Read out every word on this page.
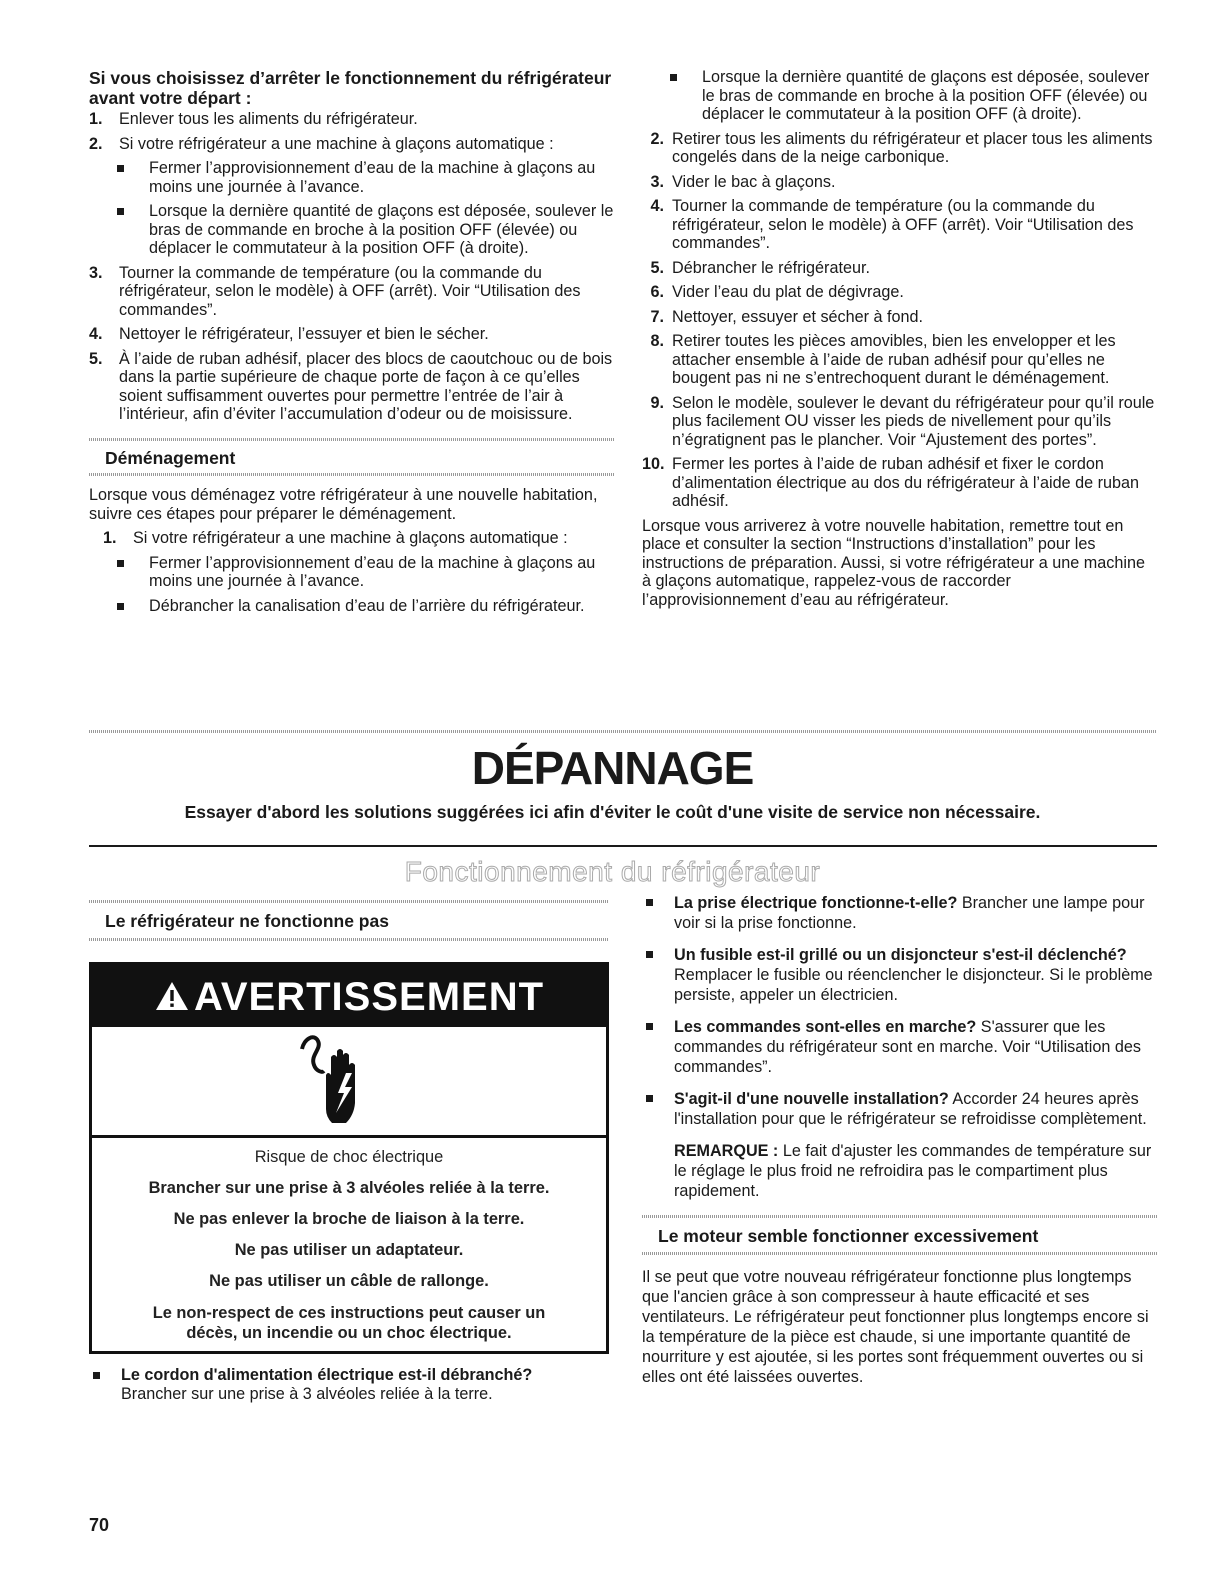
Si vous choisissez d’arrêter le fonctionnement du réfrigérateur avant votre départ :
1.	Enlever tous les aliments du réfrigérateur.
2.	Si votre réfrigérateur a une machine à glaçons automatique :
Fermer l’approvisionnement d’eau de la machine à glaçons au moins une journée à l’avance.
Lorsque la dernière quantité de glaçons est déposée, soulever le bras de commande en broche à la position OFF (élevée) ou déplacer le commutateur à la position OFF (à droite).
3.	Tourner la commande de température (ou la commande du réfrigérateur, selon le modèle) à OFF (arrêt). Voir “Utilisation des commandes”.
4.	Nettoyer le réfrigérateur, l’essuyer et bien le sécher.
5.	À l’aide de ruban adhésif, placer des blocs de caoutchouc ou de bois dans la partie supérieure de chaque porte de façon à ce qu’elles soient suffisamment ouvertes pour permettre l’entrée de l’air à l’intérieur, afin d’éviter l’accumulation d’odeur ou de moisissure.
Déménagement

Lorsque vous déménagez votre réfrigérateur à une nouvelle habitation, suivre ces étapes pour préparer le déménagement.

1.	Si votre réfrigérateur a une machine à glaçons automatique :
Fermer l’approvisionnement d’eau de la machine à glaçons au moins une journée à l’avance.
Débrancher la canalisation d’eau de l’arrière du réfrigérateur.
Lorsque la dernière quantité de glaçons est déposée, soulever le bras de commande en broche à la position OFF (élevée) ou déplacer le commutateur à la position OFF (à droite).
2. Retirer tous les aliments du réfrigérateur et placer tous les aliments congelés dans de la neige carbonique.
3. Vider le bac à glaçons.
4. Tourner la commande de température (ou la commande du réfrigérateur, selon le modèle) à OFF (arrêt). Voir “Utilisation des commandes”.
5. Débrancher le réfrigérateur.
6. Vider l’eau du plat de dégivrage.
7. Nettoyer, essuyer et sécher à fond.
8. Retirer toutes les pièces amovibles, bien les envelopper et les attacher ensemble à l’aide de ruban adhésif pour qu’elles ne bougent pas ni ne s’entrechoquent durant le déménagement.
9. Selon le modèle, soulever le devant du réfrigérateur pour qu’il roule plus facilement OU visser les pieds de nivellement pour qu’ils n’égratignent pas le plancher. Voir “Ajustement des portes”.
10. Fermer les portes à l’aide de ruban adhésif et fixer le cordon d’alimentation électrique au dos du réfrigérateur à l’aide de ruban adhésif.

Lorsque vous arriverez à votre nouvelle habitation, remettre tout en place et consulter la section “Instructions d’installation” pour les instructions de préparation. Aussi, si votre réfrigérateur a une machine à glaçons automatique, rappelez-vous de raccorder l’approvisionnement d’eau au réfrigérateur.

DÉPANNAGE
Essayer d'abord les solutions suggérées ici afin d'éviter le coût d'une visite de service non nécessaire.
Fonctionnement du réfrigérateur
Le réfrigérateur ne fonctionne pas
AVERTISSEMENT

Risque de choc électrique

Brancher sur une prise à 3 alvéoles reliée à la terre.

Ne pas enlever la broche de liaison à la terre.

Ne pas utiliser un adaptateur.

Ne pas utiliser un câble de rallonge.

Le non-respect de ces instructions peut causer un décès, un incendie ou un choc électrique.

Le cordon d'alimentation électrique est-il débranché?
Brancher sur une prise à 3 alvéoles reliée à la terre.
La prise électrique fonctionne-t-elle? Brancher une lampe pour voir si la prise fonctionne.
Un fusible est-il grillé ou un disjoncteur s'est-il déclenché? Remplacer le fusible ou réenclencher le disjoncteur. Si le problème persiste, appeler un électricien.
Les commandes sont-elles en marche? S'assurer que les commandes du réfrigérateur sont en marche. Voir “Utilisation des commandes”.
S'agit-il d'une nouvelle installation? Accorder 24 heures après l'installation pour que le réfrigérateur se refroidisse complètement.
REMARQUE : Le fait d'ajuster les commandes de température sur le réglage le plus froid ne refroidira pas le compartiment plus rapidement.
Le moteur semble fonctionner excessivement

Il se peut que votre nouveau réfrigérateur fonctionne plus longtemps que l'ancien grâce à son compresseur à haute efficacité et ses ventilateurs. Le réfrigérateur peut fonctionner plus longtemps encore si la température de la pièce est chaude, si une importante quantité de nourriture y est ajoutée, si les portes sont fréquemment ouvertes ou si elles ont été laissées ouvertes.

70
